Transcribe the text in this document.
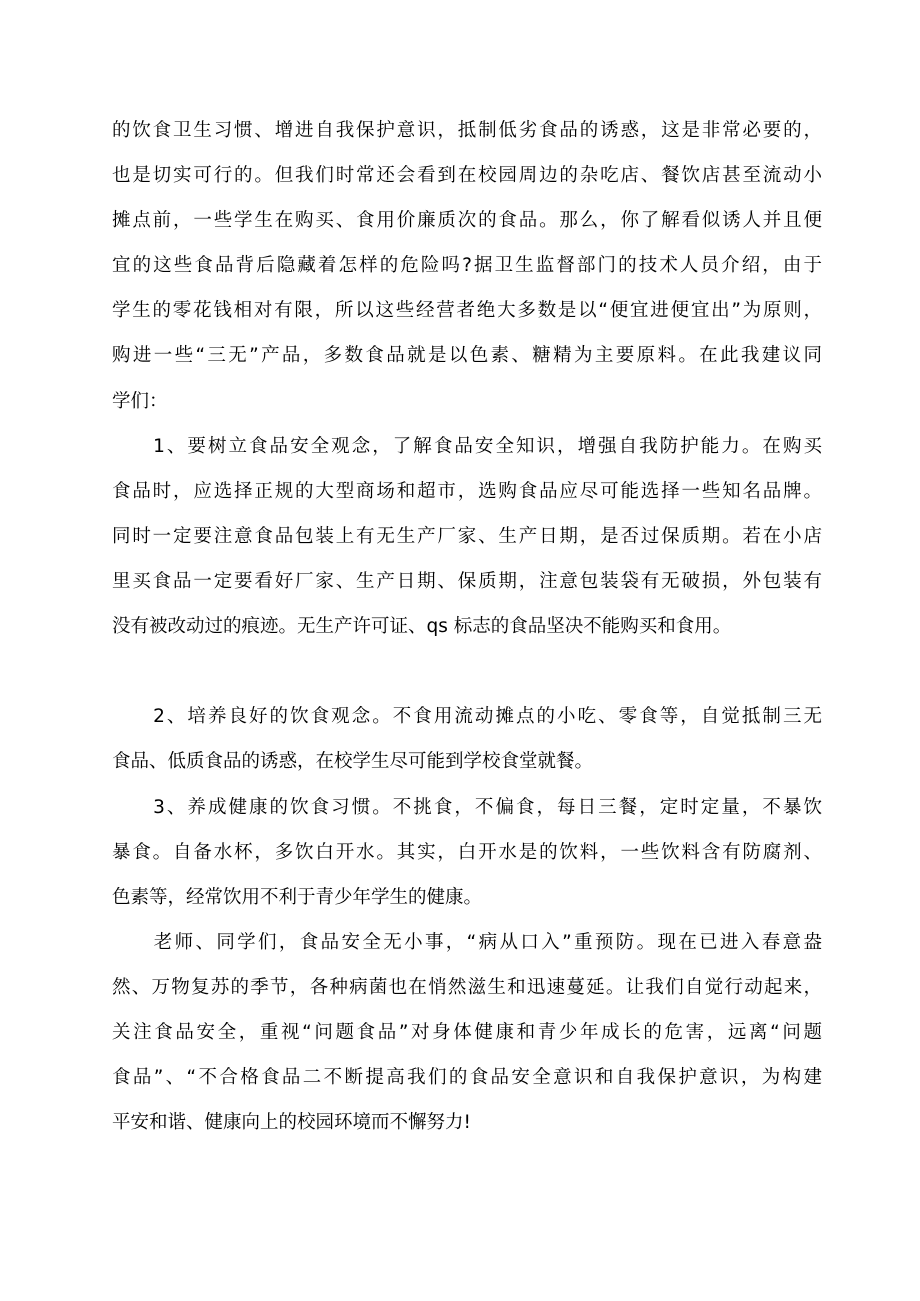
的饮食卫生习惯、增进自我保护意识，抵制低劣食品的诱惑，这是非常必要的，
也是切实可行的。但我们时常还会看到在校园周边的杂吃店、餐饮店甚至流动小
摊点前，一些学生在购买、食用价廉质次的食品。那么，你了解看似诱人并且便
宜的这些食品背后隐藏着怎样的危险吗?据卫生监督部门的技术人员介绍，由于
学生的零花钱相对有限，所以这些经营者绝大多数是以“便宜进便宜出”为原则，
购进一些“三无”产品，多数食品就是以色素、糖精为主要原料。在此我建议同
学们：
　　1、要树立食品安全观念，了解食品安全知识，增强自我防护能力。在购买
食品时，应选择正规的大型商场和超市，选购食品应尽可能选择一些知名品牌。
同时一定要注意食品包装上有无生产厂家、生产日期，是否过保质期。若在小店
里买食品一定要看好厂家、生产日期、保质期，注意包装袋有无破损，外包装有
没有被改动过的痕迹。无生产许可证、qs 标志的食品坚决不能购买和食用。
　　2、培养良好的饮食观念。不食用流动摊点的小吃、零食等，自觉抵制三无
食品、低质食品的诱惑，在校学生尽可能到学校食堂就餐。
　　3、养成健康的饮食习惯。不挑食，不偏食，每日三餐，定时定量，不暴饮
暴食。自备水杯，多饮白开水。其实，白开水是的饮料，一些饮料含有防腐剂、
色素等，经常饮用不利于青少年学生的健康。
　　老师、同学们，食品安全无小事，“病从口入”重预防。现在已进入春意盎
然、万物复苏的季节，各种病菌也在悄然滋生和迅速蔓延。让我们自觉行动起来，
关注食品安全，重视“问题食品”对身体健康和青少年成长的危害，远离“问题
食品”、“不合格食品二不断提高我们的食品安全意识和自我保护意识，为构建
平安和谐、健康向上的校园环境而不懈努力!
